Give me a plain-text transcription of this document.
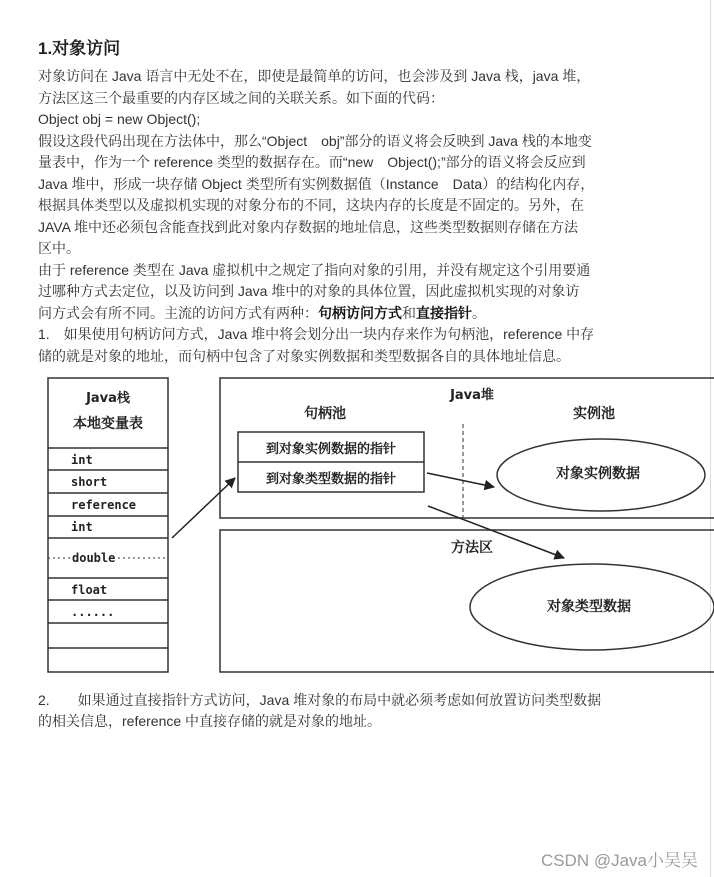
1.对象访问
对象访问在 Java 语言中无处不在，即使是最简单的访问，也会涉及到 Java 栈，java 堆，
方法区这三个最重要的内存区域之间的关联关系。如下面的代码：
Object obj = new Object();
假设这段代码出现在方法体中，那么“Object　obj”部分的语义将会反映到 Java 栈的本地变
量表中，作为一个 reference 类型的数据存在。而“new　Object();”部分的语义将会反应到
Java 堆中，形成一块存储 Object 类型所有实例数据值（Instance　Data）的结构化内存，
根据具体类型以及虚拟机实现的对象分布的不同，这块内存的长度是不固定的。另外，在
JAVA 堆中还必须包含能查找到此对象内存数据的地址信息，这些类型数据则存储在方法
区中。
由于 reference 类型在 Java 虚拟机中之规定了指向对象的引用，并没有规定这个引用要通
过哪种方式去定位，以及访问到 Java 堆中的对象的具体位置，因此虚拟机实现的对象访
问方式会有所不同。主流的访问方式有两种：句柄访问方式和直接指针。
1.　如果使用句柄访问方式，Java 堆中将会划分出一块内存来作为句柄池，reference 中存
储的就是对象的地址，而句柄中包含了对象实例数据和类型数据各自的具体地址信息。
Java栈
本地变量表
int
short
reference
int
double
float
......
Java堆
句柄池	实例池
到对象实例数据的指针
到对象类型数据的指针	对象实例数据
方法区
对象类型数据
2.　　如果通过直接指针方式访问，Java 堆对象的布局中就必须考虑如何放置访问类型数据
的相关信息，reference 中直接存储的就是对象的地址。
CSDN @Java小吴吴
